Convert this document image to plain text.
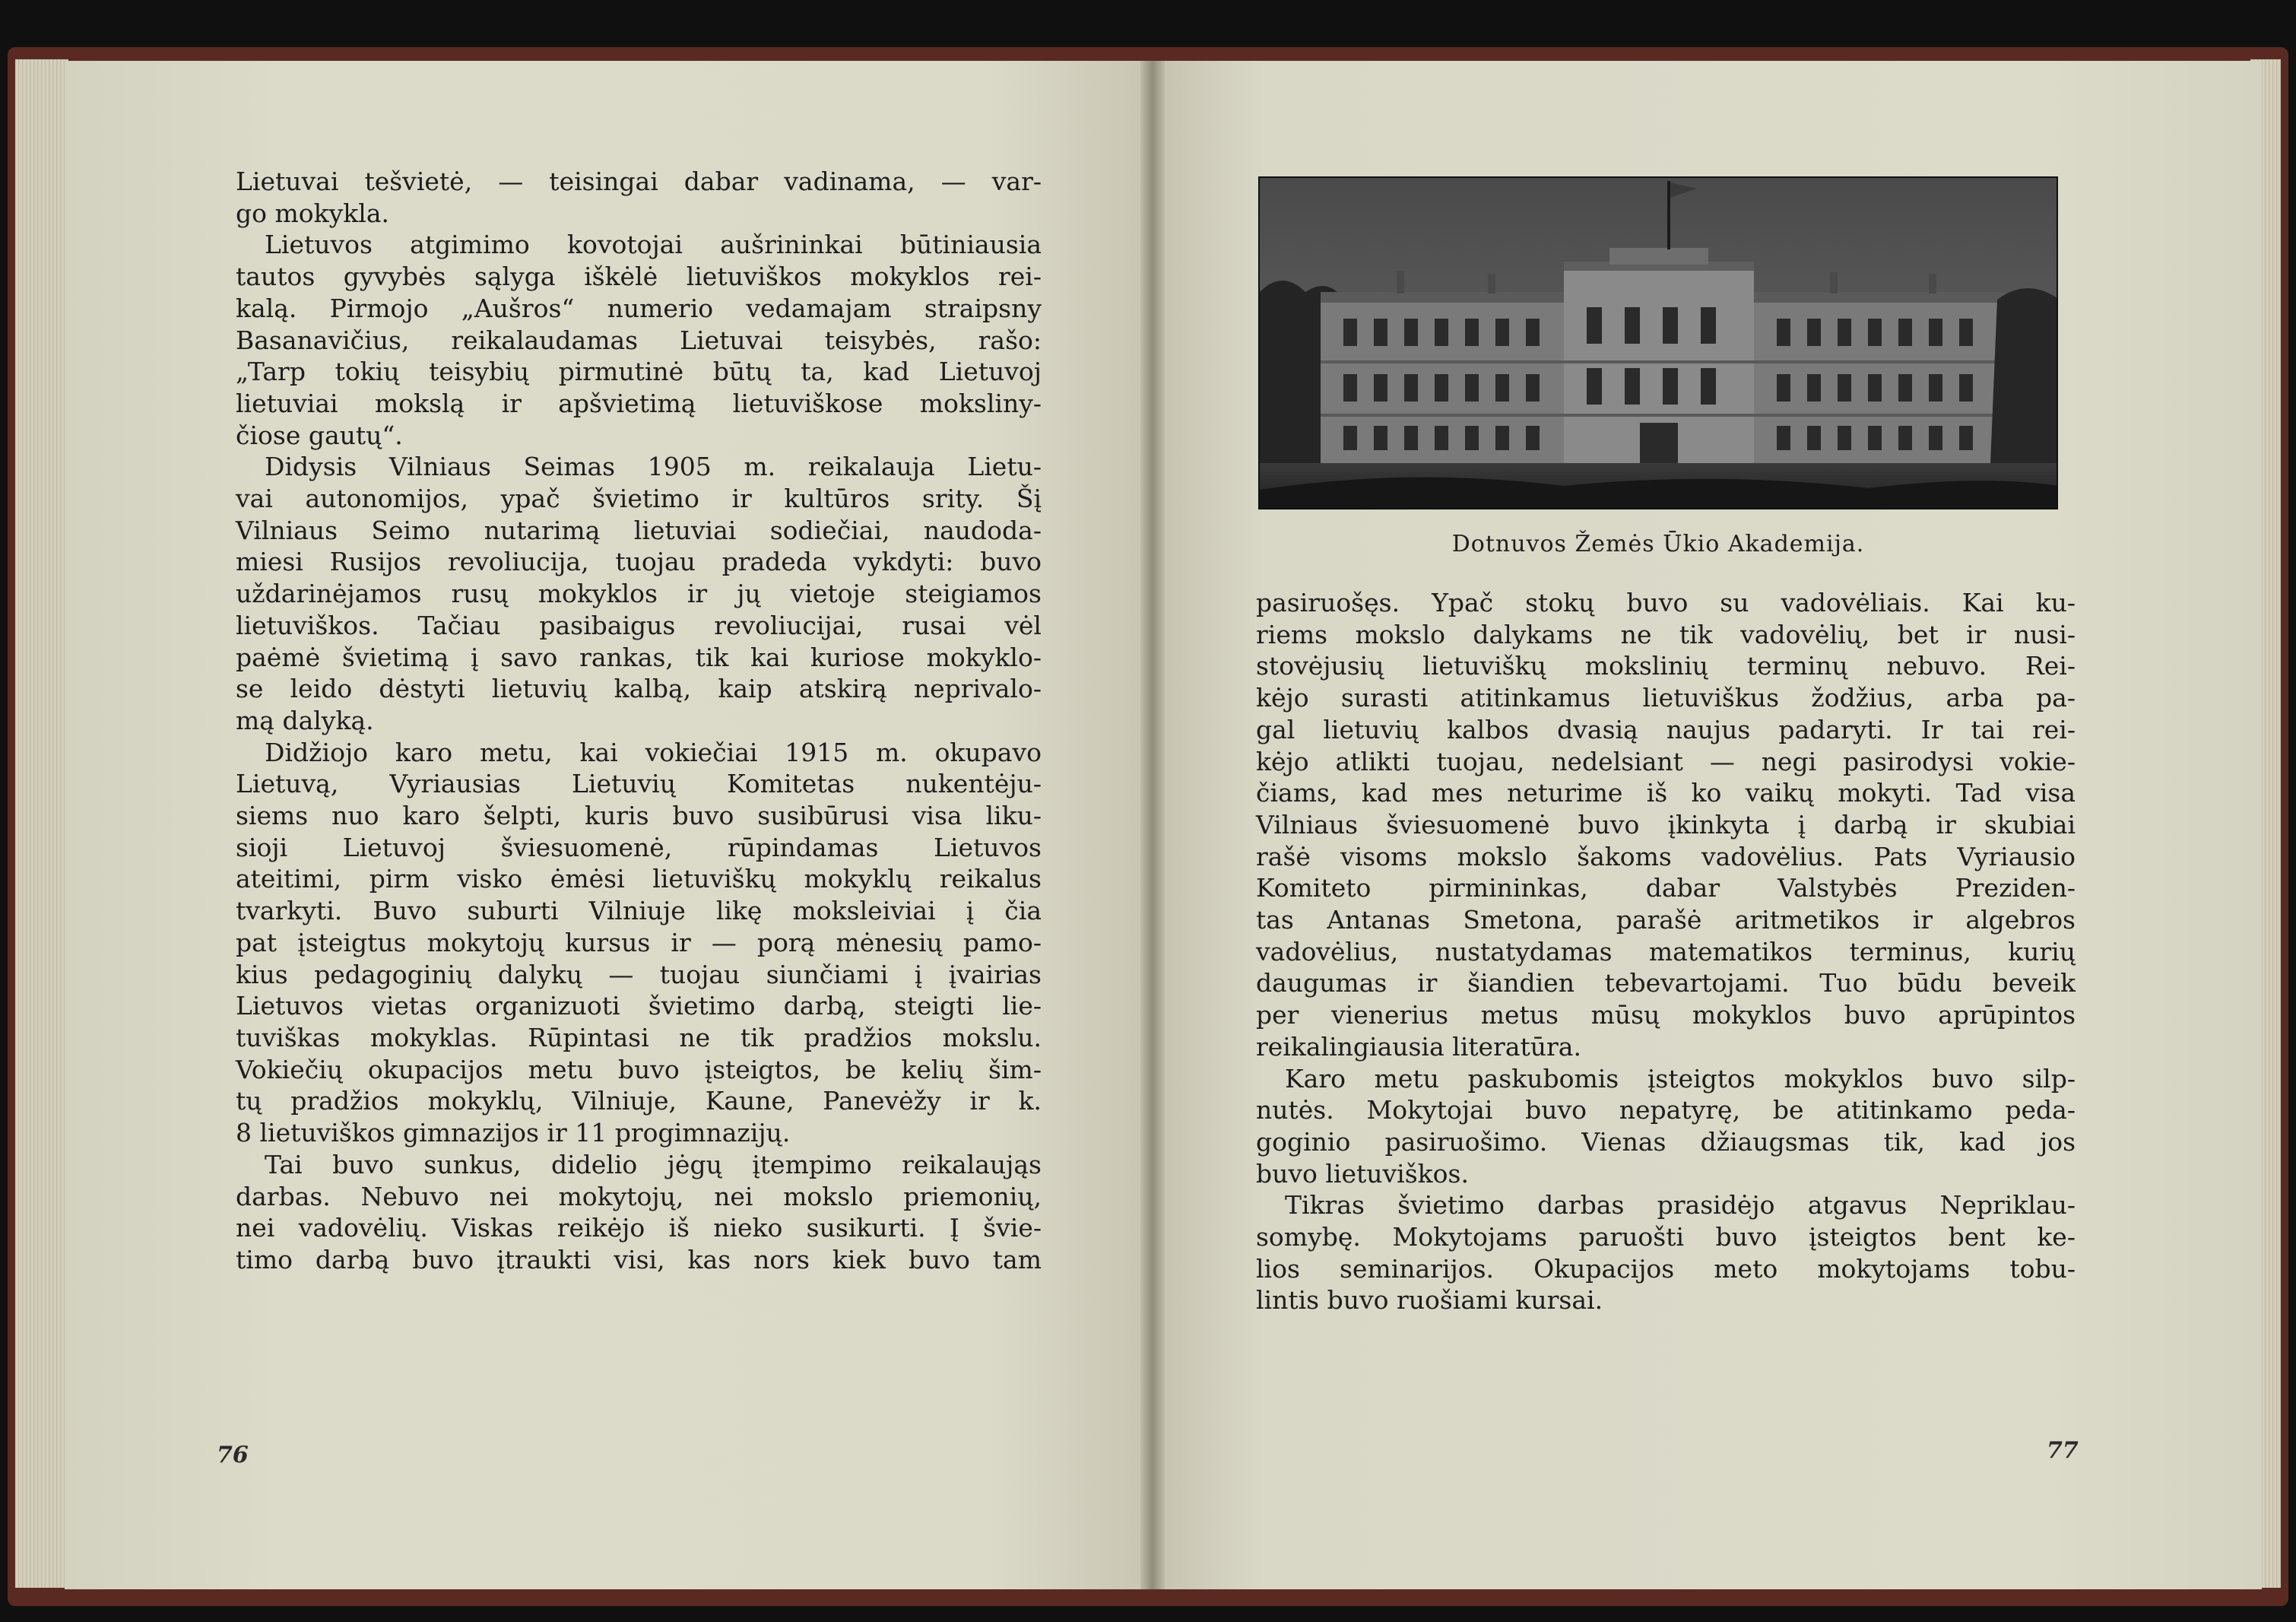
Lietuvai tešvietė, — teisingai dabar vadinama, — var-

go mokykla.

Lietuvos atgimimo kovotojai aušrininkai būtiniausia

tautos gyvybės sąlyga iškėlė lietuviškos mokyklos rei-

kalą. Pirmojo „Aušros“ numerio vedamajam straipsny

Basanavičius, reikalaudamas Lietuvai teisybės, rašo:

„Tarp tokių teisybių pirmutinė būtų ta, kad Lietuvoj

lietuviai mokslą ir apšvietimą lietuviškose moksliny-

čiose gautų“.

Didysis Vilniaus Seimas 1905 m. reikalauja Lietu-

vai autonomijos, ypač švietimo ir kultūros srity. Šį

Vilniaus Seimo nutarimą lietuviai sodiečiai, naudoda-

miesi Rusijos revoliucija, tuojau pradeda vykdyti: buvo

uždarinėjamos rusų mokyklos ir jų vietoje steigiamos

lietuviškos. Tačiau pasibaigus revoliucijai, rusai vėl

paėmė švietimą į savo rankas, tik kai kuriose mokyklo-

se leido dėstyti lietuvių kalbą, kaip atskirą neprivalo-

mą dalyką.

Didžiojo karo metu, kai vokiečiai 1915 m. okupavo

Lietuvą, Vyriausias Lietuvių Komitetas nukentėju-

siems nuo karo šelpti, kuris buvo susibūrusi visa liku-

sioji Lietuvoj šviesuomenė, rūpindamas Lietuvos

ateitimi, pirm visko ėmėsi lietuviškų mokyklų reikalus

tvarkyti. Buvo suburti Vilniuje likę moksleiviai į čia

pat įsteigtus mokytojų kursus ir — porą mėnesių pamo-

kius pedagoginių dalykų — tuojau siunčiami į įvairias

Lietuvos vietas organizuoti švietimo darbą, steigti lie-

tuviškas mokyklas. Rūpintasi ne tik pradžios mokslu.

Vokiečių okupacijos metu buvo įsteigtos, be kelių šim-

tų pradžios mokyklų, Vilniuje, Kaune, Panevėžy ir k.

8 lietuviškos gimnazijos ir 11 progimnazijų.

Tai buvo sunkus, didelio jėgų įtempimo reikalaująs

darbas. Nebuvo nei mokytojų, nei mokslo priemonių,

nei vadovėlių. Viskas reikėjo iš nieko susikurti. Į švie-

timo darbą buvo įtraukti visi, kas nors kiek buvo tam

76
Dotnuvos Žemės Ūkio Akademija.

pasiruošęs. Ypač stokų buvo su vadovėliais. Kai ku-

riems mokslo dalykams ne tik vadovėlių, bet ir nusi-

stovėjusių lietuviškų mokslinių terminų nebuvo. Rei-

kėjo surasti atitinkamus lietuviškus žodžius, arba pa-

gal lietuvių kalbos dvasią naujus padaryti. Ir tai rei-

kėjo atlikti tuojau, nedelsiant — negi pasirodysi vokie-

čiams, kad mes neturime iš ko vaikų mokyti. Tad visa

Vilniaus šviesuomenė buvo įkinkyta į darbą ir skubiai

rašė visoms mokslo šakoms vadovėlius. Pats Vyriausio

Komiteto pirmininkas, dabar Valstybės Preziden-

tas Antanas Smetona, parašė aritmetikos ir algebros

vadovėlius, nustatydamas matematikos terminus, kurių

daugumas ir šiandien tebevartojami. Tuo būdu beveik

per vienerius metus mūsų mokyklos buvo aprūpintos

reikalingiausia literatūra.

Karo metu paskubomis įsteigtos mokyklos buvo silp-

nutės. Mokytojai buvo nepatyrę, be atitinkamo peda-

goginio pasiruošimo. Vienas džiaugsmas tik, kad jos

buvo lietuviškos.

Tikras švietimo darbas prasidėjo atgavus Nepriklau-

somybę. Mokytojams paruošti buvo įsteigtos bent ke-

lios seminarijos. Okupacijos meto mokytojams tobu-

lintis buvo ruošiami kursai.

77
